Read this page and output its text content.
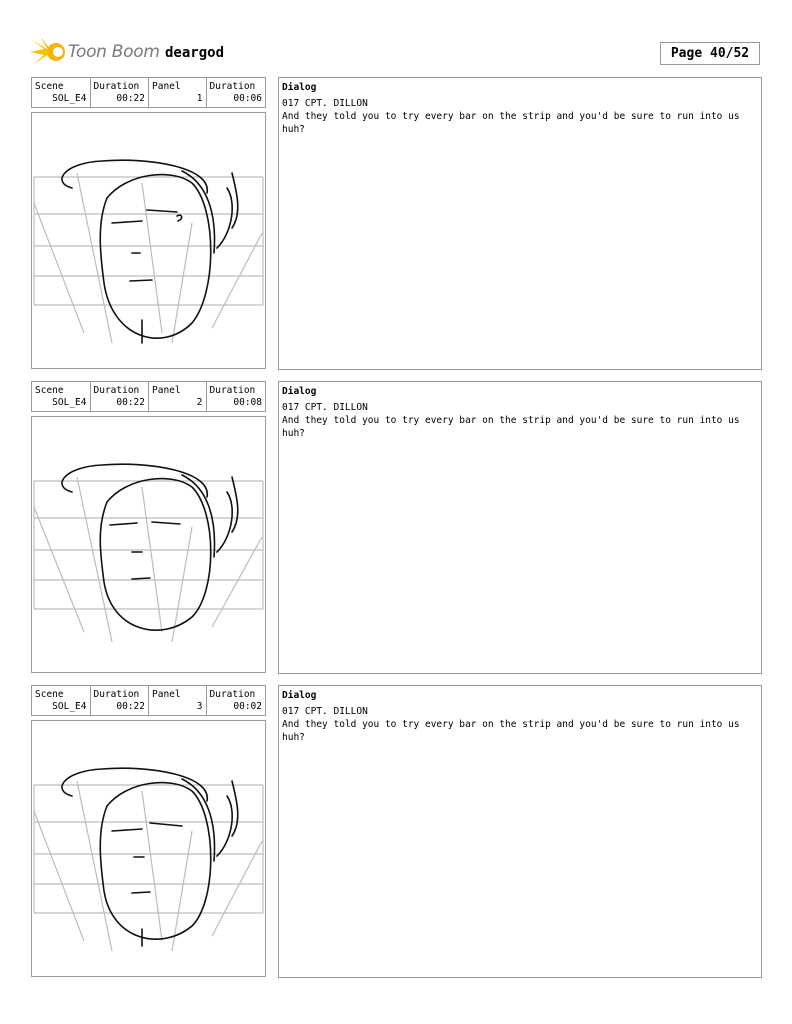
Toon Boom deargod	Page 40/52
Scene
SOL_E4
Duration
00:22
Panel
1
Duration
00:06
Dialog
017 CPT. DILLON
And they told you to try every bar on the strip and you'd be sure to run into us huh?
Scene
SOL_E4
Duration
00:22
Panel
2
Duration
00:08
Dialog
017 CPT. DILLON
And they told you to try every bar on the strip and you'd be sure to run into us huh?
Scene
SOL_E4
Duration
00:22
Panel
3
Duration
00:02
Dialog
017 CPT. DILLON
And they told you to try every bar on the strip and you'd be sure to run into us huh?
